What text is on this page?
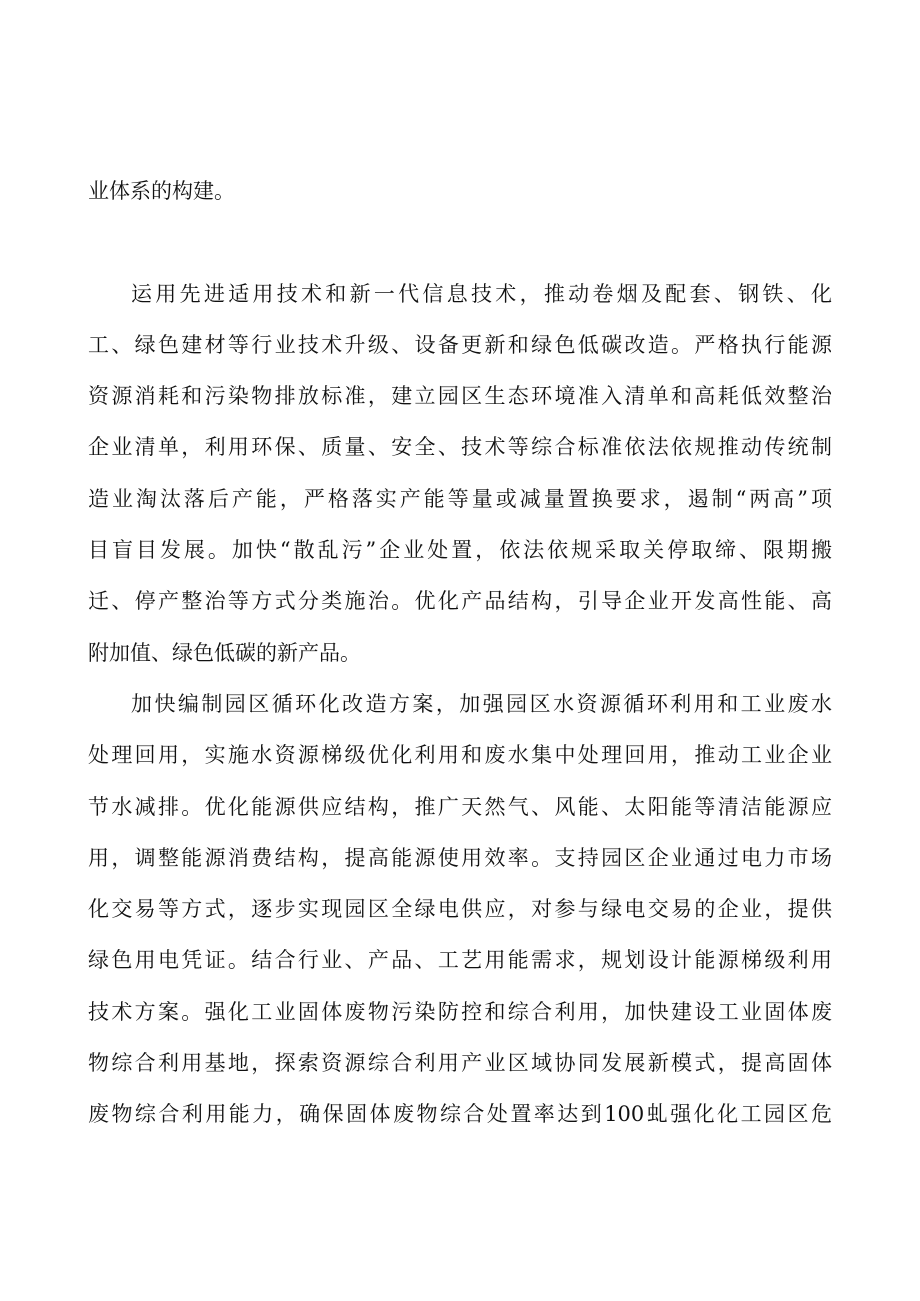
业体系的构建。
运用先进适用技术和新一代信息技术，推动卷烟及配套、钢铁、化
工、绿色建材等行业技术升级、设备更新和绿色低碳改造。严格执行能源
资源消耗和污染物排放标准，建立园区生态环境准入清单和高耗低效整治
企业清单，利用环保、质量、安全、技术等综合标准依法依规推动传统制
造业淘汰落后产能，严格落实产能等量或减量置换要求，遏制“两高”项
目盲目发展。加快“散乱污”企业处置，依法依规采取关停取缔、限期搬
迁、停产整治等方式分类施治。优化产品结构，引导企业开发高性能、高
附加值、绿色低碳的新产品。
加快编制园区循环化改造方案，加强园区水资源循环利用和工业废水
处理回用，实施水资源梯级优化利用和废水集中处理回用，推动工业企业
节水减排。优化能源供应结构，推广天然气、风能、太阳能等清洁能源应
用，调整能源消费结构，提高能源使用效率。支持园区企业通过电力市场
化交易等方式，逐步实现园区全绿电供应，对参与绿电交易的企业，提供
绿色用电凭证。结合行业、产品、工艺用能需求，规划设计能源梯级利用
技术方案。强化工业固体废物污染防控和综合利用，加快建设工业固体废
物综合利用基地，探索资源综合利用产业区域协同发展新模式，提高固体
废物综合利用能力，确保固体废物综合处置率达到100虬强化化工园区危
